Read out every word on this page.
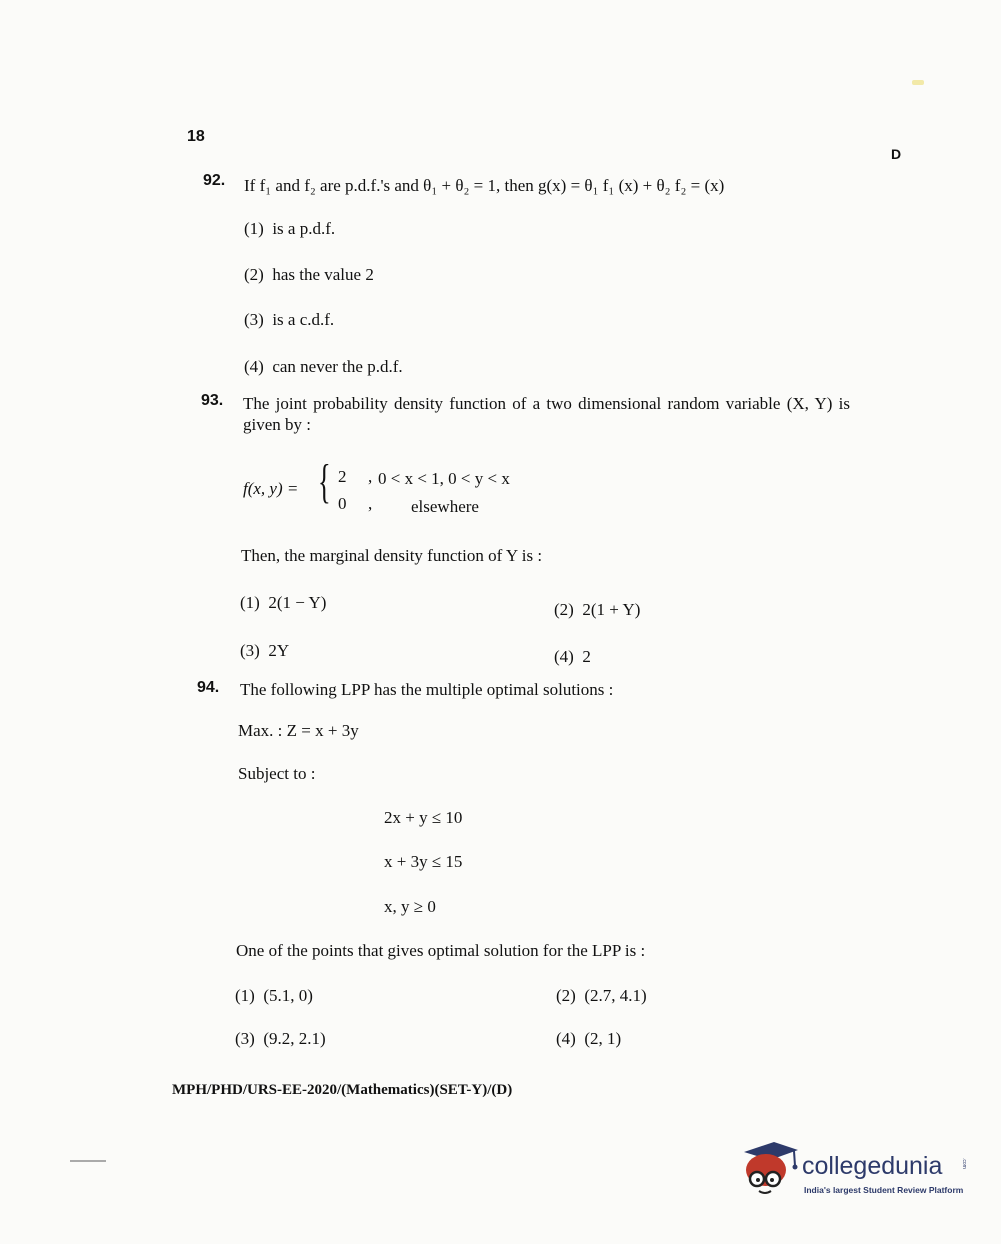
18
D
92. If f₁ and f₂ are p.d.f.'s and θ₁ + θ₂ = 1, then g(x) = θ₁ f₁ (x) + θ₂ f₂ = (x)
(1) is a p.d.f.
(2) has the value 2
(3) is a c.d.f.
(4) can never the p.d.f.
93. The joint probability density function of a two dimensional random variable (X, Y) is
given by :
f(x, y) = { 2 , 0 < x < 1, 0 < y < x
0 , elsewhere
Then, the marginal density function of Y is :
(1) 2(1 − Y)	(2) 2(1 + Y)
(3) 2Y	(4) 2
94. The following LPP has the multiple optimal solutions :
Max. : Z = x + 3y
Subject to :
2x + y ≤ 10
x + 3y ≤ 15
x, y ≥ 0
One of the points that gives optimal solution for the LPP is :
(1) (5.1, 0)	(2) (2.7, 4.1)
(3) (9.2, 2.1)	(4) (2, 1)
MPH/PHD/URS-EE-2020/(Mathematics)(SET-Y)/(D)
collegedunia	.com
India's largest Student Review Platform
